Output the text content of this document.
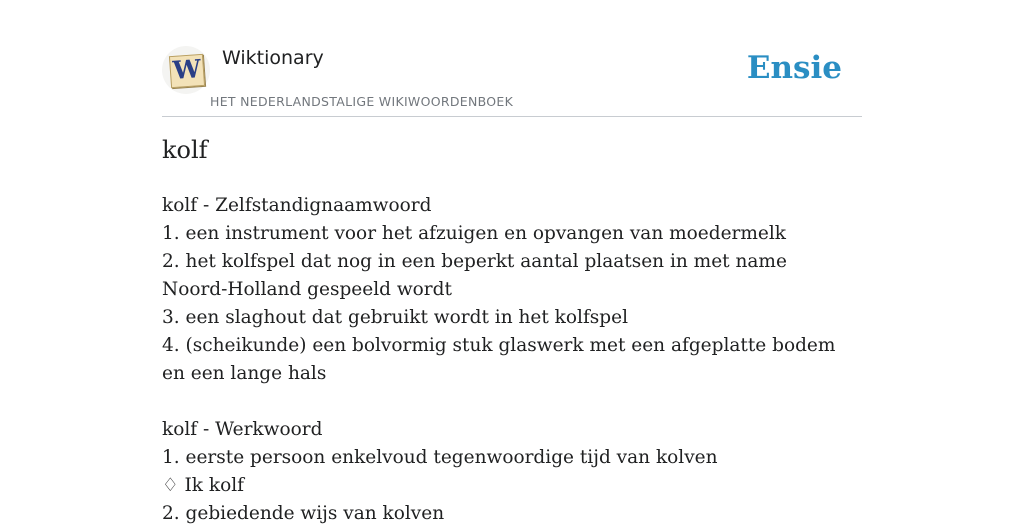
W Wiktionary
HET NEDERLANDSTALIGE WIKIWOORDENBOEK
Ensie
kolf

kolf - Zelfstandignaamwoord

1. een instrument voor het afzuigen en opvangen van moedermelk

2. het kolfspel dat nog in een beperkt aantal plaatsen in met name Noord-Holland gespeeld wordt

3. een slaghout dat gebruikt wordt in het kolfspel

4. (scheikunde) een bolvormig stuk glaswerk met een afgeplatte bodem en een lange hals

kolf - Werkwoord

1. eerste persoon enkelvoud tegenwoordige tijd van kolven

♢ Ik kolf

2. gebiedende wijs van kolven
